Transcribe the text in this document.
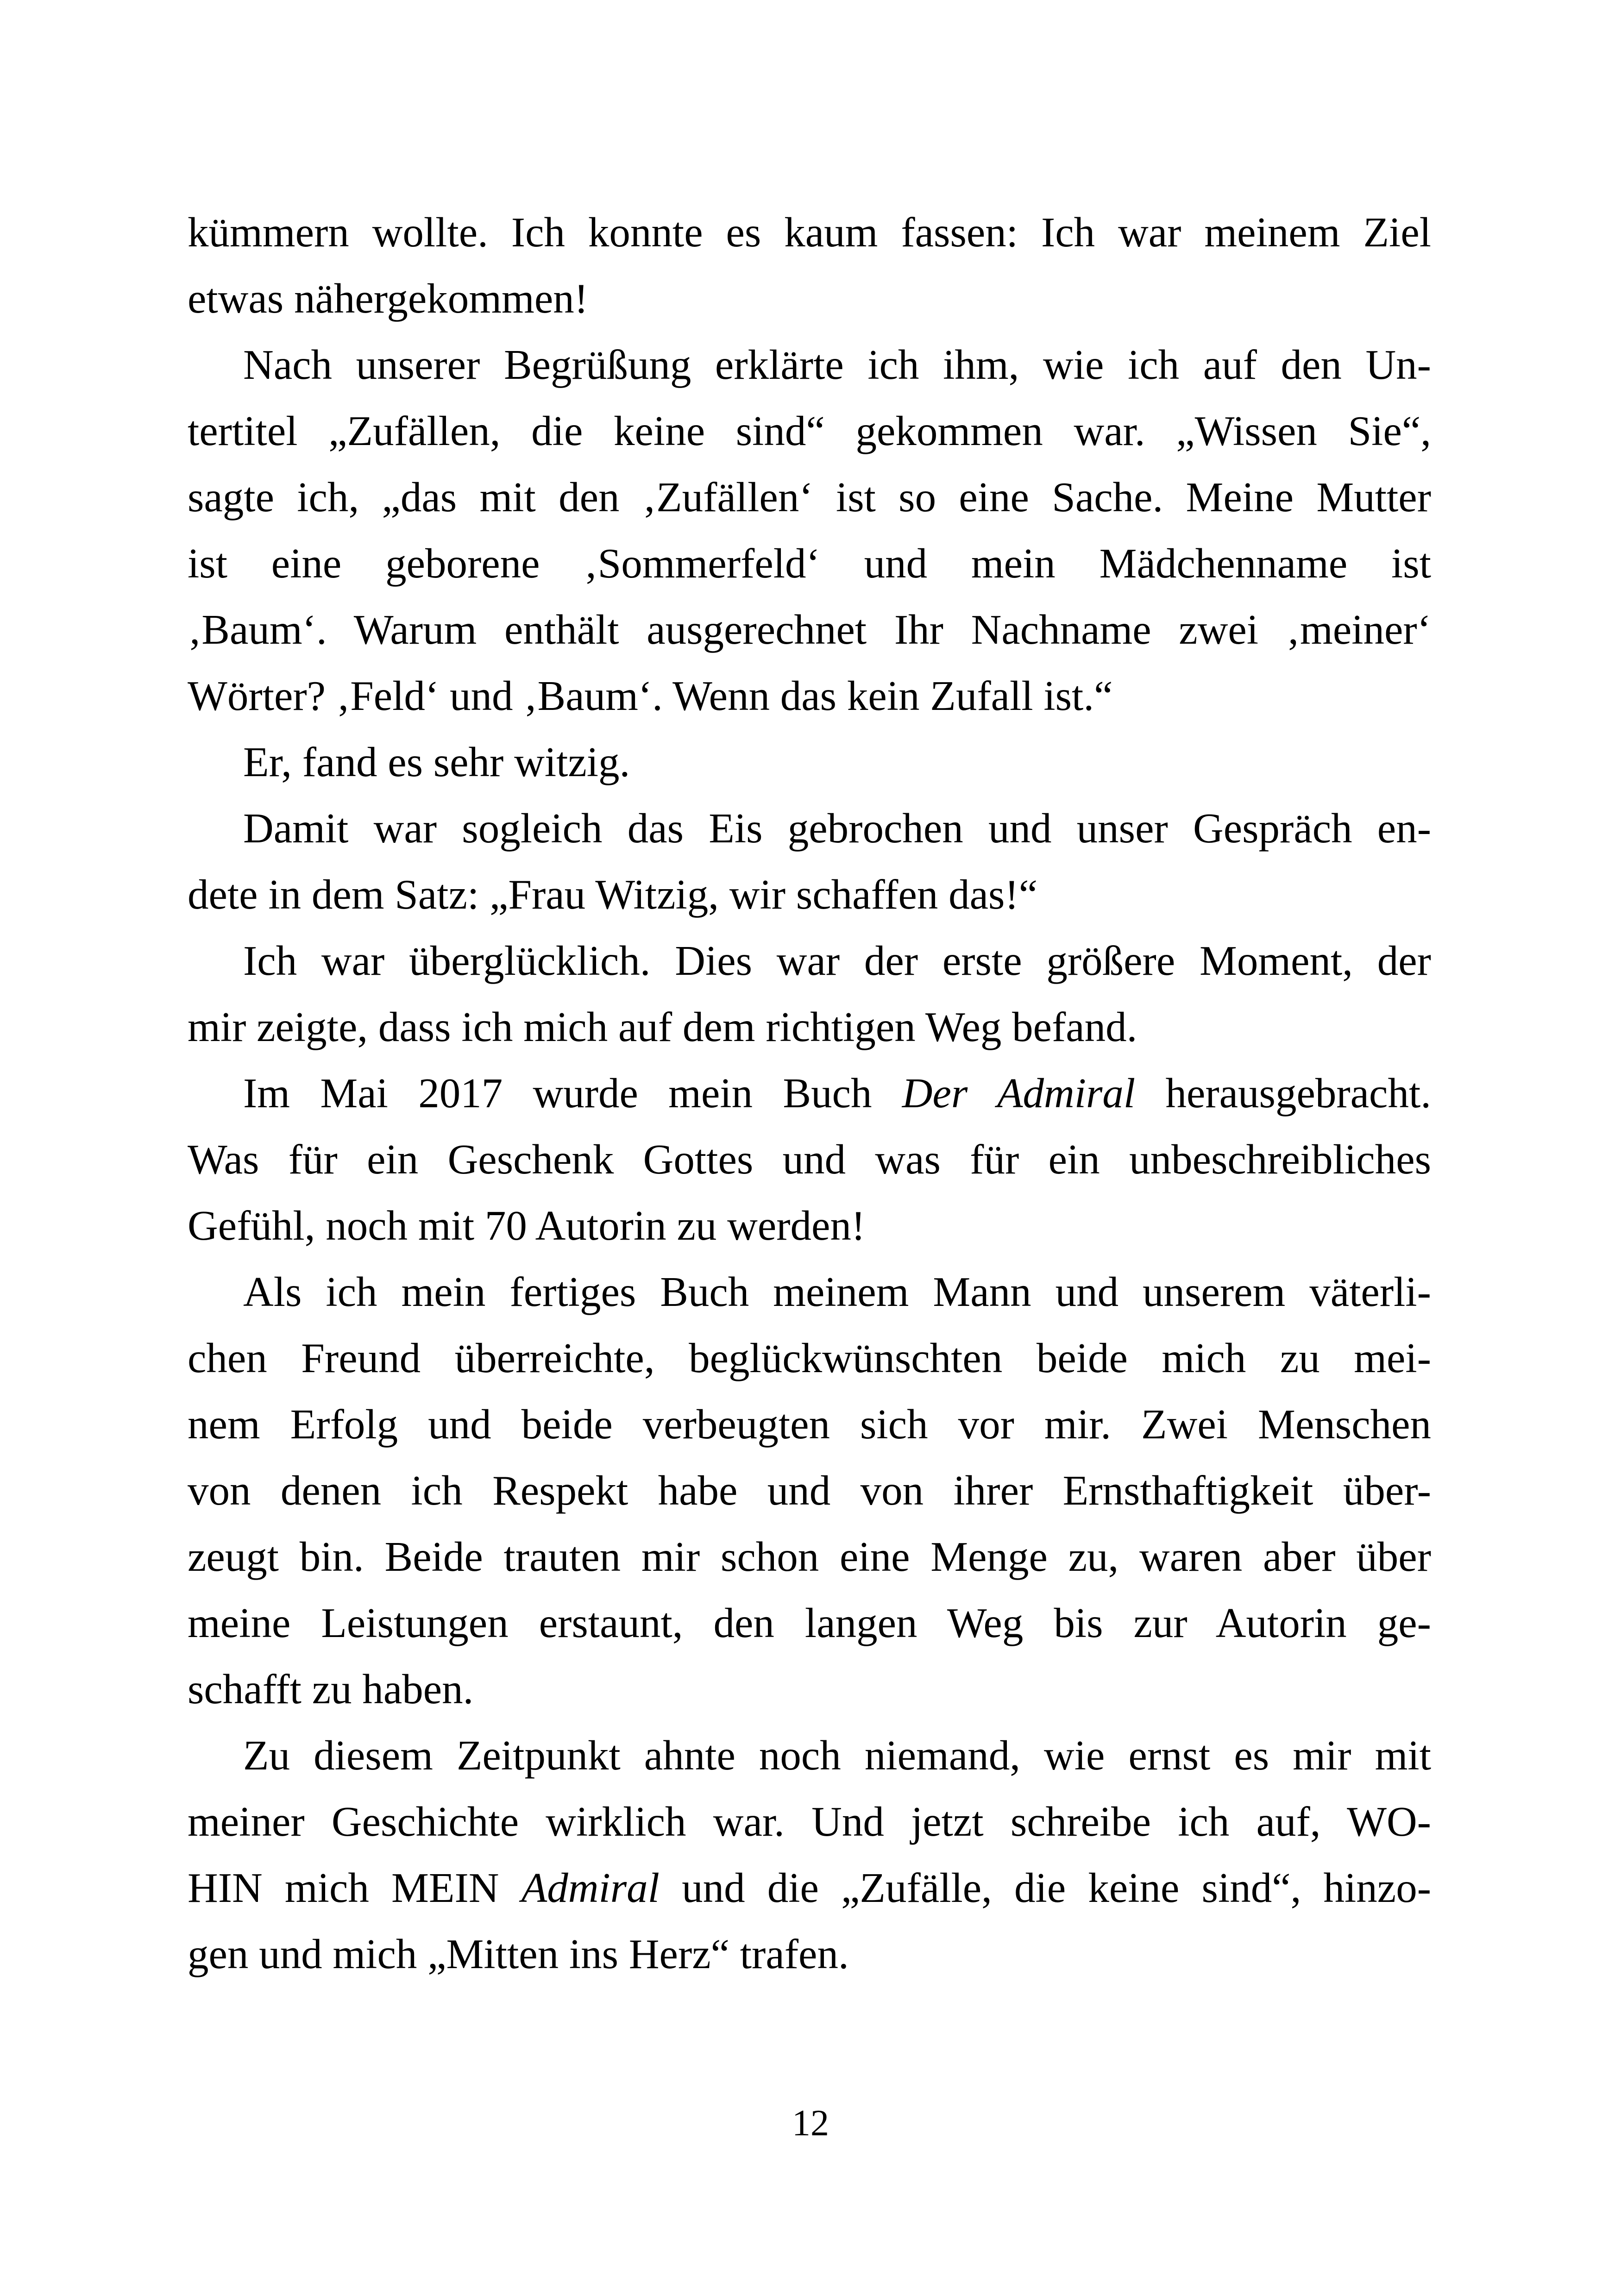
kümmern wollte. Ich konnte es kaum fassen: Ich war meinem Ziel
etwas nähergekommen!
Nach unserer Begrüßung erklärte ich ihm, wie ich auf den Un-
tertitel „Zufällen, die keine sind“ gekommen war. „Wissen Sie“,
sagte ich, „das mit den ‚Zufällen‘ ist so eine Sache. Meine Mutter
ist eine geborene ‚Sommerfeld‘ und mein Mädchenname ist
‚Baum‘. Warum enthält ausgerechnet Ihr Nachname zwei ‚meiner‘
Wörter? ‚Feld‘ und ‚Baum‘. Wenn das kein Zufall ist.“
Er, fand es sehr witzig.
Damit war sogleich das Eis gebrochen und unser Gespräch en-
dete in dem Satz: „Frau Witzig, wir schaffen das!“
Ich war überglücklich. Dies war der erste größere Moment, der
mir zeigte, dass ich mich auf dem richtigen Weg befand.
Im Mai 2017 wurde mein Buch Der Admiral herausgebracht.
Was für ein Geschenk Gottes und was für ein unbeschreibliches
Gefühl, noch mit 70 Autorin zu werden!
Als ich mein fertiges Buch meinem Mann und unserem väterli-
chen Freund überreichte, beglückwünschten beide mich zu mei-
nem Erfolg und beide verbeugten sich vor mir. Zwei Menschen
von denen ich Respekt habe und von ihrer Ernsthaftigkeit über-
zeugt bin. Beide trauten mir schon eine Menge zu, waren aber über
meine Leistungen erstaunt, den langen Weg bis zur Autorin ge-
schafft zu haben.
Zu diesem Zeitpunkt ahnte noch niemand, wie ernst es mir mit
meiner Geschichte wirklich war. Und jetzt schreibe ich auf, WO-
HIN mich MEIN Admiral und die „Zufälle, die keine sind“, hinzo-
gen und mich „Mitten ins Herz“ trafen.
12
